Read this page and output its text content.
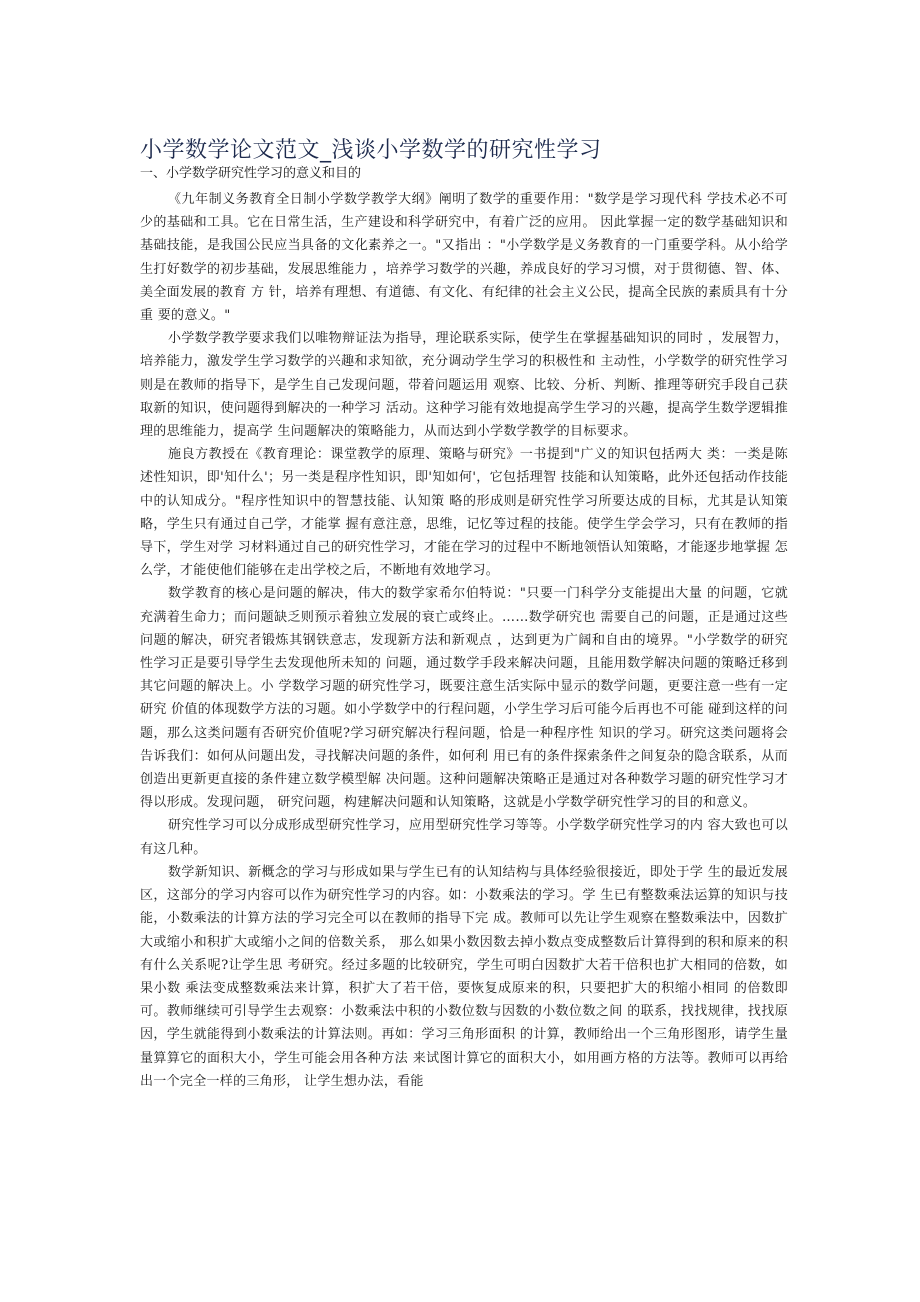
小学数学论文范文_浅谈小学数学的研究性学习

一、小学数学研究性学习的意义和目的

《九年制义务教育全日制小学数学教学大纲》阐明了数学的重要作用："数学是学习现代科 学技术必不可少的基础和工具。它在日常生活，生产建设和科学研究中，有着广泛的应用。 因此掌握一定的数学基础知识和基础技能，是我国公民应当具备的文化素养之一。"又指出 ："小学数学是义务教育的一门重要学科。从小给学生打好数学的初步基础，发展思维能力 ，培养学习数学的兴趣，养成良好的学习习惯，对于贯彻德、智、体、美全面发展的教育 方 针，培养有理想、有道德、有文化、有纪律的社会主义公民，提高全民族的素质具有十分重 要的意义。"

小学数学教学要求我们以唯物辩证法为指导，理论联系实际，使学生在掌握基础知识的同时 ，发展智力，培养能力，激发学生学习数学的兴趣和求知欲，充分调动学生学习的积极性和 主动性，小学数学的研究性学习则是在教师的指导下，是学生自己发现问题，带着问题运用 观察、比较、分析、判断、推理等研究手段自己获取新的知识，使问题得到解决的一种学习 活动。这种学习能有效地提高学生学习的兴趣，提高学生数学逻辑推理的思维能力，提高学 生问题解决的策略能力，从而达到小学数学教学的目标要求。

施良方教授在《教育理论：课堂教学的原理、策略与研究》一书提到"广义的知识包括两大 类：一类是陈述性知识，即'知什么'；另一类是程序性知识，即'知如何'，它包括理智 技能和认知策略，此外还包括动作技能中的认知成分。"程序性知识中的智慧技能、认知策 略的形成则是研究性学习所要达成的目标，尤其是认知策略，学生只有通过自己学，才能掌 握有意注意，思维，记忆等过程的技能。使学生学会学习，只有在教师的指导下，学生对学 习材料通过自己的研究性学习，才能在学习的过程中不断地领悟认知策略，才能逐步地掌握 怎么学，才能使他们能够在走出学校之后，不断地有效地学习。

数学教育的核心是问题的解决，伟大的数学家希尔伯特说："只要一门科学分支能提出大量 的问题，它就充满着生命力；而问题缺乏则预示着独立发展的衰亡或终止。……数学研究也 需要自己的问题，正是通过这些问题的解决，研究者锻炼其钢铁意志，发现新方法和新观点 ，达到更为广阔和自由的境界。"小学数学的研究性学习正是要引导学生去发现他所未知的 问题，通过数学手段来解决问题，且能用数学解决问题的策略迁移到其它问题的解决上。小 学数学习题的研究性学习，既要注意生活实际中显示的数学问题，更要注意一些有一定研究 价值的体现数学方法的习题。如小学数学中的行程问题，小学生学习后可能今后再也不可能 碰到这样的问题，那么这类问题有否研究价值呢?学习研究解决行程问题，恰是一种程序性 知识的学习。研究这类问题将会告诉我们：如何从问题出发，寻找解决问题的条件，如何利 用已有的条件探索条件之间复杂的隐含联系，从而创造出更新更直接的条件建立数学模型解 决问题。这种问题解决策略正是通过对各种数学习题的研究性学习才得以形成。发现问题， 研究问题，构建解决问题和认知策略，这就是小学数学研究性学习的目的和意义。

研究性学习可以分成形成型研究性学习，应用型研究性学习等等。小学数学研究性学习的内 容大致也可以有这几种。

数学新知识、新概念的学习与形成如果与学生已有的认知结构与具体经验很接近，即处于学 生的最近发展区，这部分的学习内容可以作为研究性学习的内容。如：小数乘法的学习。学 生已有整数乘法运算的知识与技能，小数乘法的计算方法的学习完全可以在教师的指导下完 成。教师可以先让学生观察在整数乘法中，因数扩大或缩小和积扩大或缩小之间的倍数关系， 那么如果小数因数去掉小数点变成整数后计算得到的积和原来的积有什么关系呢?让学生思 考研究。经过多题的比较研究，学生可明白因数扩大若干倍积也扩大相同的倍数，如果小数 乘法变成整数乘法来计算，积扩大了若干倍，要恢复成原来的积，只要把扩大的积缩小相同 的倍数即可。教师继续可引导学生去观察：小数乘法中积的小数位数与因数的小数位数之间 的联系，找找规律，找找原因，学生就能得到小数乘法的计算法则。再如：学习三角形面积 的计算，教师给出一个三角形图形，请学生量量算算它的面积大小，学生可能会用各种方法 来试图计算它的面积大小，如用画方格的方法等。教师可以再给出一个完全一样的三角形， 让学生想办法，看能
